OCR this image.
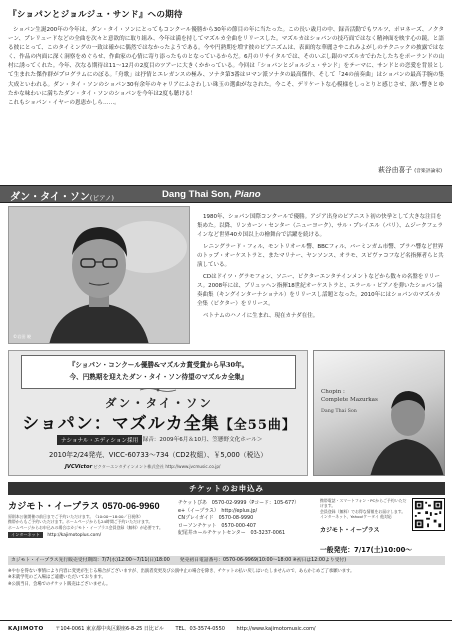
『ショパンとジョルジュ・サンド』への期待
ショパン生誕200年の今年は、ダン・タイ・ソンにとってもコンクール優勝から30年の節目の年に当たった。この長い歳月の中、録音活動でもワルツ、ポロネーズ、ノクターン、プレリュードなどの全曲を次々と意欲的に取り組み、今年は満を持してマズルカ全曲をリリースした。マズルカはショパンの技巧面ではなく精神面を映す心の鏡。と語る彼にとって、このタイミングの一致は確かに偶然ではなかったようである。今や円熟期を増す彼のピアニズムは、表面的な華麗さやこれみよがしのテクニックの披露ではなく、作品の内面に深く洞察をめぐらせ、作曲家の心情に寄り添ったものとなっているからだ。6月のリサイタルでは、そのいぶし銀のマズルカでわたしたちをポーランドの山村に誘ってくれた。今年、次なる期待は11〜12月の2度目のツアーに大きくかかっている。今回は「ショパンとジョルジュ・サンド」をテーマに、サンドとの恋愛を背景として生まれた傑作群がプログラムにのぼる。「舟歌」は抒情とエレガンスの極み、ソナタ第3番はロマン派ソナタの最高傑作、そして「24の前奏曲」はショパンの最高手腕の集大成といわれる。ダン・タイ・ソンのショパン30有余年のキャリアにふさわしい珠玉の選曲がなされた。今こそ、デリケートな心模様をしっとりと感じさせ、深い響きとゆたかな味わいに満ちたダン・タイ・ソンのショパンを今年は2度も聴ける！
これもショパン・イヤーの恩恵かしら……。
萩谷由喜子 (音楽評論家)
ダン・タイ・ソン(ピアノ)	Dang Thai Son, Piano
©岩田 暁

1980年、ショパン国際コンクールで優勝。アジア出身のピアニスト初の快挙として大きな注目を集めた。以降、リンカーン・センター（ニューヨーク）、サル・プレイエル（パリ）、ムジークフェラインなど世界40カ国以上の檜舞台で活躍を続ける。

レニングラード・フィル、モントリオール響、BBCフィル、バーミンガム市響、プラハ響など世界のトップ・オーケストラと、またマリナー、ヤンソンス、オラモ、スピヴァコフなど名指揮者らと共演している。

CDはドイツ・グラモフォン、ソニー、ビクターエンタテインメントなどから数々の名盤をリリース。2008年には、ブリュッヘン指揮18世紀オーケストラと、エラール・ピアノを弾いたショパン協奏曲集（キングインターナショナル）をリリースし話題となった。2010年にはショパンのマズルカ全集（ビクター）をリリース。

ベトナムのハノイに生まれ、現在カナダ在住。

『ショパン・コンクール優勝&マズルカ賞受賞から早30年。
今、円熟期を迎えたダン・タイ・ソン待望のマズルカ全集』
ダン・タイ・ソン
ショパン：マズルカ全集【全55曲】
ナショナル・エディション採用
＜録音：2009年6月＆10月、笠懸野文化ホール＞
2010年2/24発売、VICC-60733〜734（CD2枚組）、￥5,000（税込）
JVCVictor ビクターエンタテインメント株式会社 http://www.jvcmusic.co.jp/
Chopin :
Complete Mazurkas
Dang Thai Son
チケットのお申込み
カジモト・イープラス 0570-06-9960
原則本公演開催の前日までご予約いただけます。（10:00〜18:00／日祝休）
携帯からもご予約いただけます。ホームページからも24時間ご予約いただけます。
ホームページからお申込みの場合はカジモト・イープラス会員登録（無料）が必要です。
インターネット http://kajimotoplus.com/
チケットぴあ　0570-02-9999（Pコード：105-677）
e+（イープラス）　http://eplus.jp/
CNプレイガイド　0570-08-9990
ローソンチケット　0570-000-407
紀尾井ホールチケットセンター　03-3237-0061
携帯電話・スマートフォン・PCからご予約いただけます。
会員登録（無料）でお得な情報をお届けします。
インターネット、Yahoo!ケータイ 他対応
カジモト・イープラス
一般発売：7/17(土)10:00〜
カジモト・イープラス先行販売受付期間：7/7(水)12:00〜7/11(日)18:00 発売初日電話番号：0570-06-9969(10:00〜18:00 ※初日は12:00より受付)
※やむを得ない事情により内容に変更が生じる場合がございますが、出演者変更及び公演中止の場合を除き、チケットの払い戻しはいたしませんので、あらかじめご了承願います。
※未就学児のご入場はご遠慮いただいております。
※公演当日、会場でのチケット販売はございません。
KAJIMOTO 〒104-0061 東京都中央区銀座6-8-25 日比ビル TEL．03-3574-0550 http://www.kajimotomusic.com/
